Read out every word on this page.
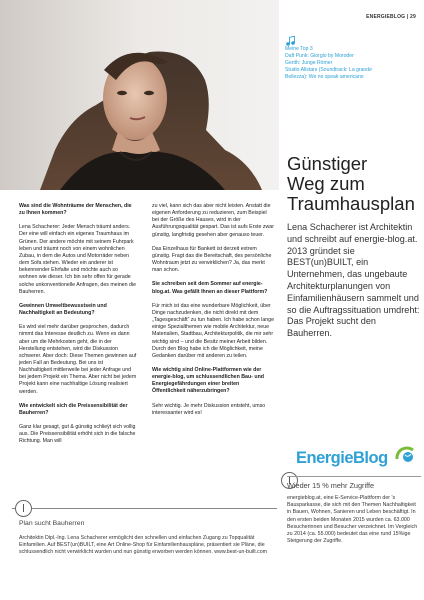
ENERGIEBLOG | 29
Meine Top 3
Daft Punk: Giorgio by Moroder
Gerith: Junge Römer
Studio Allstars (Soundtrack: La grande
Bellezza): We no speak americano
Günstiger
Weg zum
Traumhausplan
Lena Schacherer ist Architektin und schreibt auf energie-blog.at. 2013 gründet sie BEST(un)BUILT, ein Unternehmen, das ungebaute Architekturplanungen von Einfamilienhäusern sammelt und so die Auftragssituation umdreht: Das Projekt sucht den Bauherren.

Was sind die Wohnträume der Menschen, die zu Ihnen kommen?

Lena Schacherer: Jeder Mensch träumt anders. Der eine will einfach ein eigenes Traumhaus im Grünen. Der andere möchte mit seinem Fuhrpark leben und träumt noch von einem wohnlichen Zubau, in dem die Autos und Motorräder neben dem Sofa stehen. Wieder ein anderer ist bekennender Ehrfalte und möchte auch so wohnen wie dieser. Ich bin sehr offen für gerade solche unkonventionelle Anfragen, des meinen die Bauherren.

Gewinnen Umweltbewusstsein und Nachhaltigkeit an Bedeutung?

Es wird viel mehr darüber gesprochen, dadurch nimmt das Interesse deutlich zu. Wenn es dann aber um die Mehrkosten geht, die in der Herstellung entstehen, wird die Diskussion schwerer. Aber doch: Diese Themen gewinnen auf jeden Fall an Bedeutung. Bei uns ist Nachhaltigkeit mittlerweile bei jeder Anfrage und bei jedem Projekt ein Thema. Aber nicht bei jedem Projekt kann eine nachhaltige Lösung realisiert werden.

Wie entwickelt sich die Preissensibilität der Bauherren?

Ganz klar gesagt, gut & günstig schlieÿt sich vollig aus. Die Preissensibilität erhöht sich in die falsche Richtung. Man will

zu viel, kann sich das aber nicht leisten. Anstatt die eigenen Anforderung zu reduzieren, zum Beispiel bei der Größe des Hauses, wird in der Ausführungsqualität gespart. Das ist aufs Erste zwar günstig, langfristig gesehen aber genauso teuer.

Das Einzelhaus für Bankett ist derzeit extrem günstig. Fragt das die Bereitschaft, des persönliche Wohntraum jetzt zu verwirklichen? Ja, das merkt man schon.

Sie schreiben seit dem Sommer auf energie-blog.at. Was gefällt Ihnen an dieser Plattform?

Für mich ist das eine wunderbare Möglichkeit, über Dinge nachzudenken, die nicht direkt mit dem „Tagesgeschäft“ zu tun haben. Ich habe schon lange einige Spezialthemen wie mobile Architektur, neue Materialien, Stadtbau, Architekturpolitik, die mir sehr wichtig sind – und die Besitz meiner Arbeit bilden. Durch den Blog habe ich die Möglichkeit, meine Gedanken darüber mit anderen zu teilen.

Wie wichtig sind Online-Plattformen wie der energie-blog, um schlussendlichen Bau- und Energiegefährdungen einer breiten Öffentlichkeit näherzubringen?

Sehr wichtig. Je mehr Diskussion entsteht, umso interessanter wird es!

EnergieBlog
Wieder 15 % mehr Zugriffe
energieblog.at, eine E-Service-Plattform der 's Bausparkasse, die sich mit den Themen Nachhaltigkeit in Bauen, Wohnen, Sanieren und Leben beschäftigt. In den ersten beiden Monaten 2015 wurden ca. 63.000 Besucherinnen und Besucher verzeichnet. Im Vergleich zu 2014 (ca. 55.000) bedeutet das eine rund 15%ige Steigerung der Zugriffe.
Plan sucht Bauherren
Architektin Dipl.-Ing. Lena Schacherer ermöglicht den schnellen und einfachen Zugang zu Topqualität Einfamilien. Auf BEST(un)BUILT, eine Art Online-Shop für Einfamilienhauspläne, präsentiert sie Pläne, die schlussendlich nicht verwirklicht wurden und nun günstig erworben werden können. www.best-un-built.com
